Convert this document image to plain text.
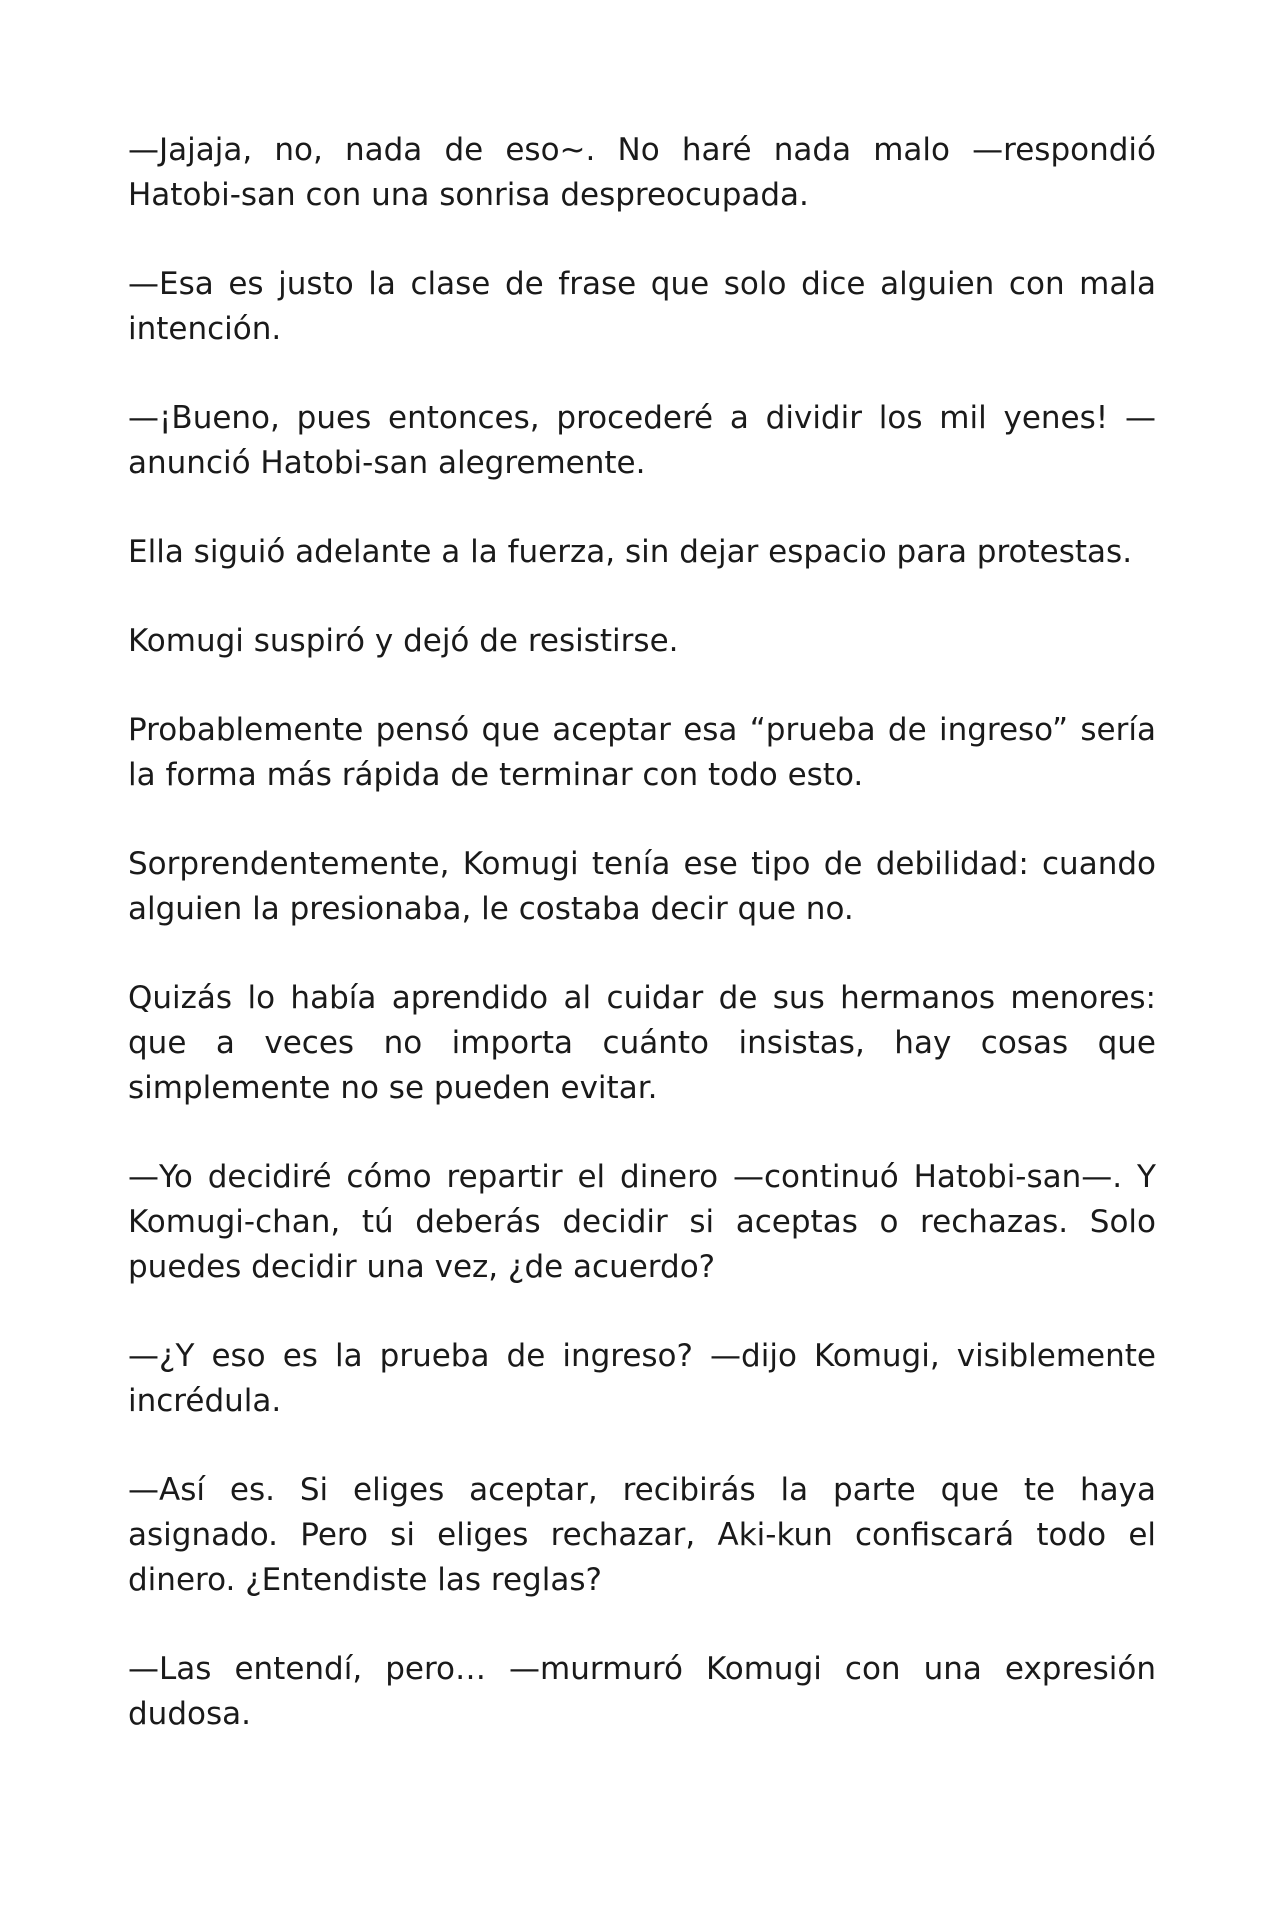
—Jajaja, no, nada de eso~. No haré nada malo —respondió Hatobi-san con una sonrisa despreocupada.

—Esa es justo la clase de frase que solo dice alguien con mala intención.

—¡Bueno, pues entonces, procederé a dividir los mil yenes! —anunció Hatobi-san alegremente.

Ella siguió adelante a la fuerza, sin dejar espacio para protestas.

Komugi suspiró y dejó de resistirse.

Probablemente pensó que aceptar esa “prueba de ingreso” sería la forma más rápida de terminar con todo esto.

Sorprendentemente, Komugi tenía ese tipo de debilidad: cuando alguien la presionaba, le costaba decir que no.

Quizás lo había aprendido al cuidar de sus hermanos menores: que a veces no importa cuánto insistas, hay cosas que simplemente no se pueden evitar.

—Yo decidiré cómo repartir el dinero —continuó Hatobi-san—. Y Komugi-chan, tú deberás decidir si aceptas o rechazas. Solo puedes decidir una vez, ¿de acuerdo?

—¿Y eso es la prueba de ingreso? —dijo Komugi, visiblemente incrédula.

—Así es. Si eliges aceptar, recibirás la parte que te haya asignado. Pero si eliges rechazar, Aki-kun confiscará todo el dinero. ¿Entendiste las reglas?

—Las entendí, pero… —murmuró Komugi con una expresión dudosa.
